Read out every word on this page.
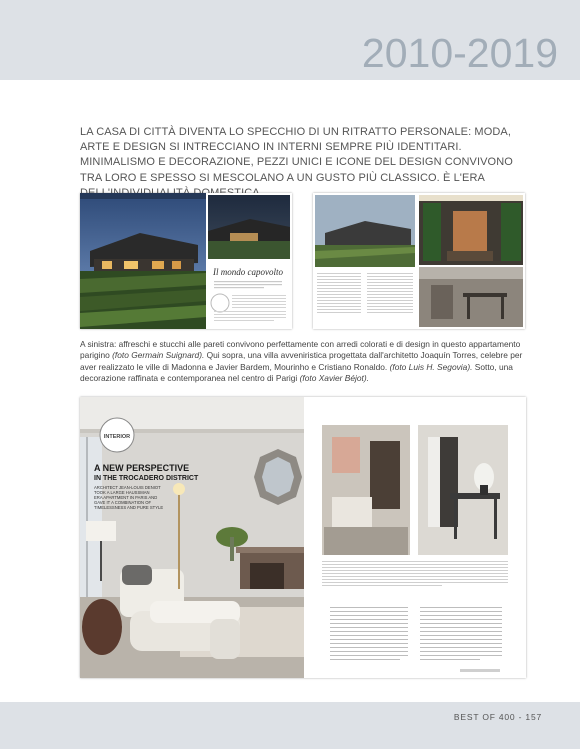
2010-2019
LA CASA DI CITTÀ DIVENTA LO SPECCHIO DI UN RITRATTO PERSONALE: MODA, ARTE E DESIGN SI INTRECCIANO IN INTERNI SEMPRE PIÙ IDENTITARI. MINIMALISMO E DECORAZIONE, PEZZI UNICI E ICONE DEL DESIGN CONVIVONO TRA LORO E SPESSO SI MESCOLANO A UN GUSTO PIÙ CLASSICO. È L'ERA
Il mondo capovolto
A sinistra: affreschi e stucchi alle pareti convivono perfettamente con arredi colorati e di design in questo appartamento parigino (foto Germain Suignard). Qui sopra, una villa avveniristica progettata dall'architetto Joaquín Torres, celebre per aver realizzato le ville di Madonna e Javier Bardem, Mourinho e Cristiano Ronaldo. (foto Luis H. Segovia). Sotto, una decorazione raffinata e contemporanea nel centro di Parigi (foto Xavier Béjot).
INTERIOR
A NEW PERSPECTIVE
IN THE TROCADERO DISTRICT
ARCHITECT JEAN-LOUIS DENIOT
TOOK A LARGE HAUSSMAN
ERA APARTMENT IN PARIS AND
GAVE IT A COMBINATION OF
TIMELESSNESS AND PURE STYLE
BEST OF 400 - 157
